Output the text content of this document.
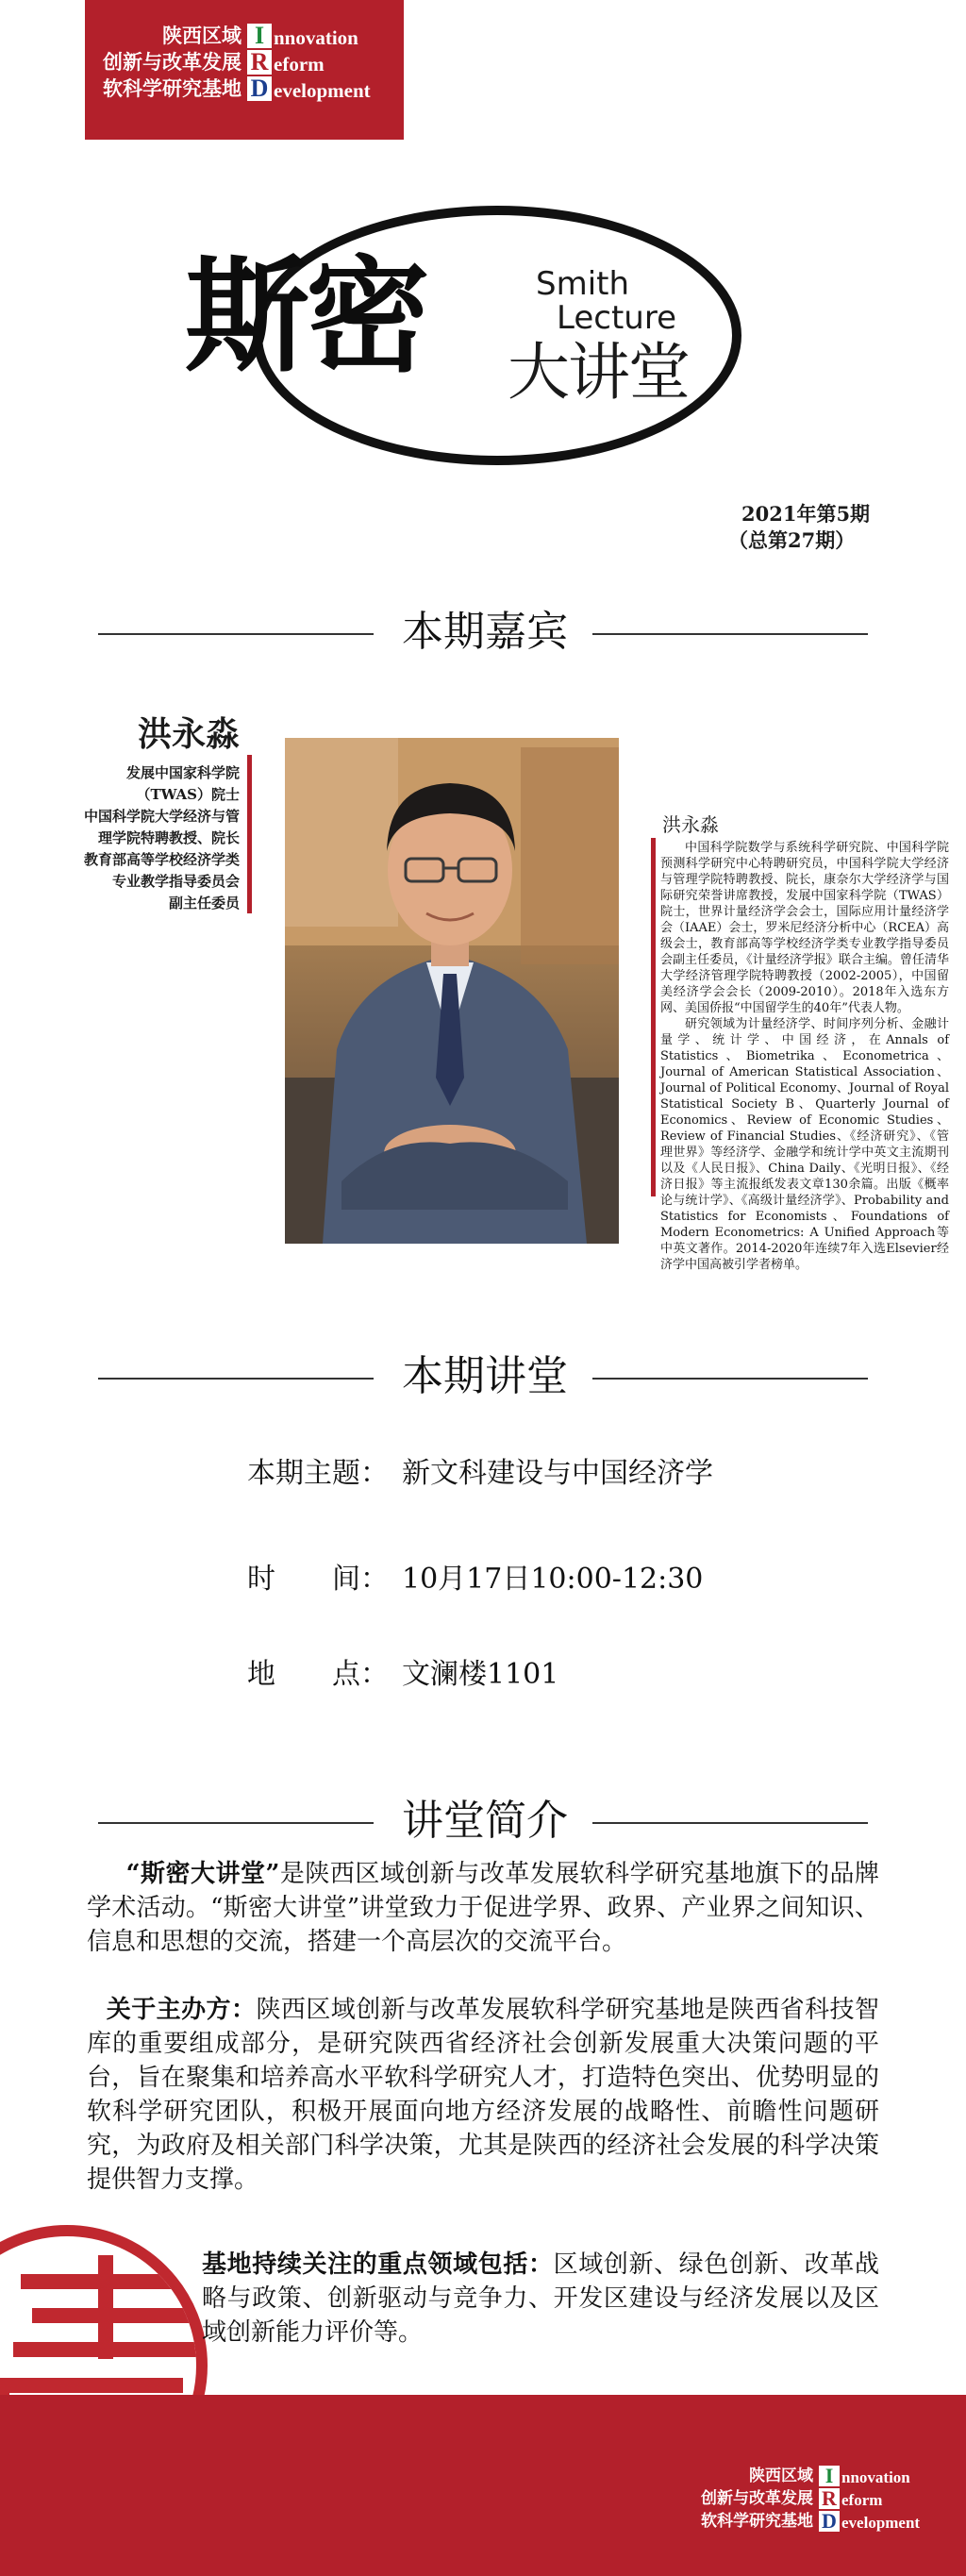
陕西区域
创新与改革发展
软科学研究基地
I
R
D
nnovation
eform
evelopment
斯密	Smith
Lecture
大讲堂
2021年第5期
（总第27期）
本期嘉宾
洪永淼
发展中国家科学院
（TWAS）院士
中国科学院大学经济与管
理学院特聘教授、院长
教育部高等学校经济学类
专业教学指导委员会
副主任委员
洪永淼
中国科学院数学与系统科学研究院、中国科学院预测科学研究中心特聘研究员，中国科学院大学经济与管理学院特聘教授、院长，康奈尔大学经济学与国际研究荣誉讲席教授，发展中国家科学院（TWAS）院士，世界计量经济学会会士，国际应用计量经济学会（IAAE）会士，罗米尼经济分析中心（RCEA）高级会士，教育部高等学校经济学类专业教学指导委员会副主任委员，《计量经济学报》联合主编。曾任清华大学经济管理学院特聘教授（2002-2005），中国留美经济学会会长（2009-2010）。2018年入选东方网、美国侨报“中国留学生的40年”代表人物。
研究领域为计量经济学、时间序列分析、金融计量学、统计学、中国经济，在Annals of Statistics、Biometrika、Econometrica、Journal of American Statistical Association、Journal of Political Economy、Journal of Royal Statistical Society B、Quarterly Journal of Economics、Review of Economic Studies、Review of Financial Studies、《经济研究》、《管理世界》等经济学、金融学和统计学中英文主流期刊以及《人民日报》、China Daily、《光明日报》、《经济日报》等主流报纸发表文章130余篇。出版《概率论与统计学》、《高级计量经济学》、Probability and Statistics for Economists、Foundations of Modern Econometrics: A Unified Approach等中英文著作。2014-2020年连续7年入选Elsevier经济学中国高被引学者榜单。
本期讲堂
本期主题： 新文科建设与中国经济学
时　　间： 10月17日10:00-12:30
地　　点： 文澜楼1101
讲堂简介
“斯密大讲堂”是陕西区域创新与改革发展软科学研究基地旗下的品牌学术活动。“斯密大讲堂”讲堂致力于促进学界、政界、产业界之间知识、信息和思想的交流，搭建一个高层次的交流平台。
关于主办方：陕西区域创新与改革发展软科学研究基地是陕西省科技智库的重要组成部分，是研究陕西省经济社会创新发展重大决策问题的平台，旨在聚集和培养高水平软科学研究人才，打造特色突出、优势明显的软科学研究团队，积极开展面向地方经济发展的战略性、前瞻性问题研究，为政府及相关部门科学决策，尤其是陕西的经济社会发展的科学决策提供智力支撑。
基地持续关注的重点领域包括：区域创新、绿色创新、改革战略与政策、创新驱动与竞争力、开发区建设与经济发展以及区域创新能力评价等。
陕西区域
创新与改革发展
软科学研究基地
I
R
D
nnovation
eform
evelopment
